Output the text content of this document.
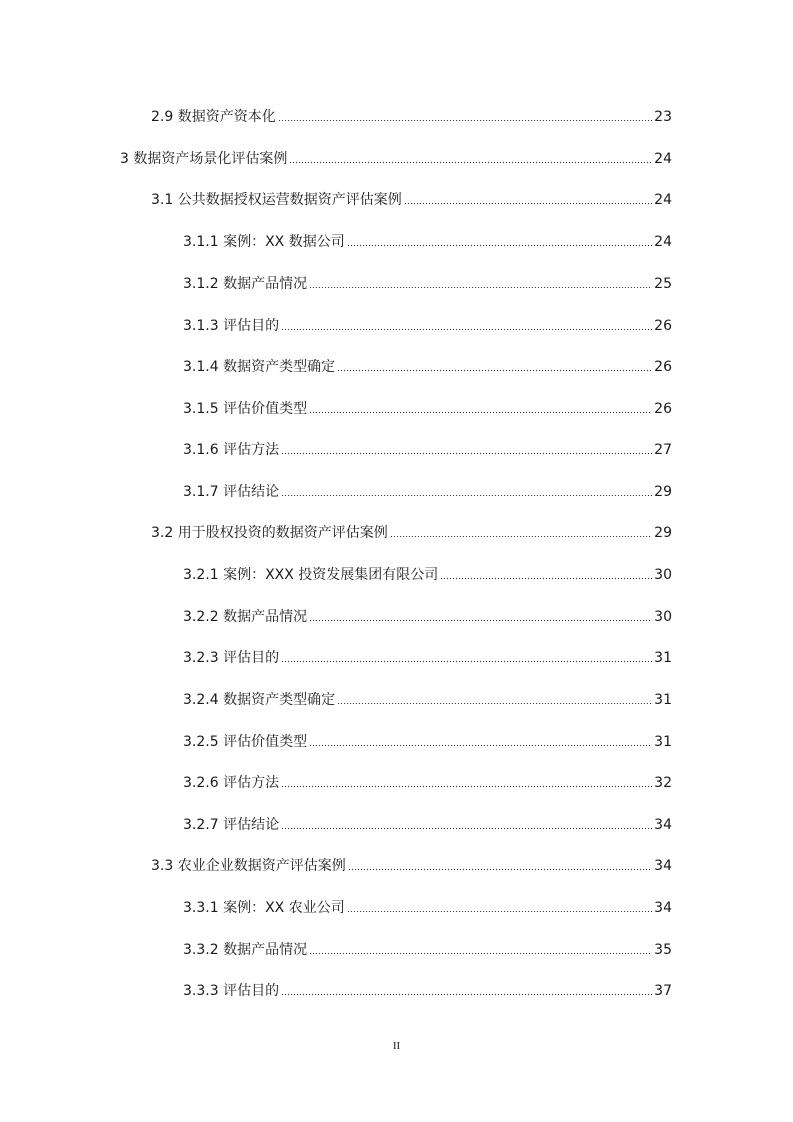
2.9 数据资产资本化	23
3 数据资产场景化评估案例	24
3.1 公共数据授权运营数据资产评估案例	24
3.1.1 案例：XX 数据公司	24
3.1.2 数据产品情况	25
3.1.3 评估目的	26
3.1.4 数据资产类型确定	26
3.1.5 评估价值类型	26
3.1.6 评估方法	27
3.1.7 评估结论	29
3.2 用于股权投资的数据资产评估案例	29
3.2.1 案例：XXX 投资发展集团有限公司	30
3.2.2 数据产品情况	30
3.2.3 评估目的	31
3.2.4 数据资产类型确定	31
3.2.5 评估价值类型	31
3.2.6 评估方法	32
3.2.7 评估结论	34
3.3 农业企业数据资产评估案例	34
3.3.1 案例：XX 农业公司	34
3.3.2 数据产品情况	35
3.3.3 评估目的	37
II
